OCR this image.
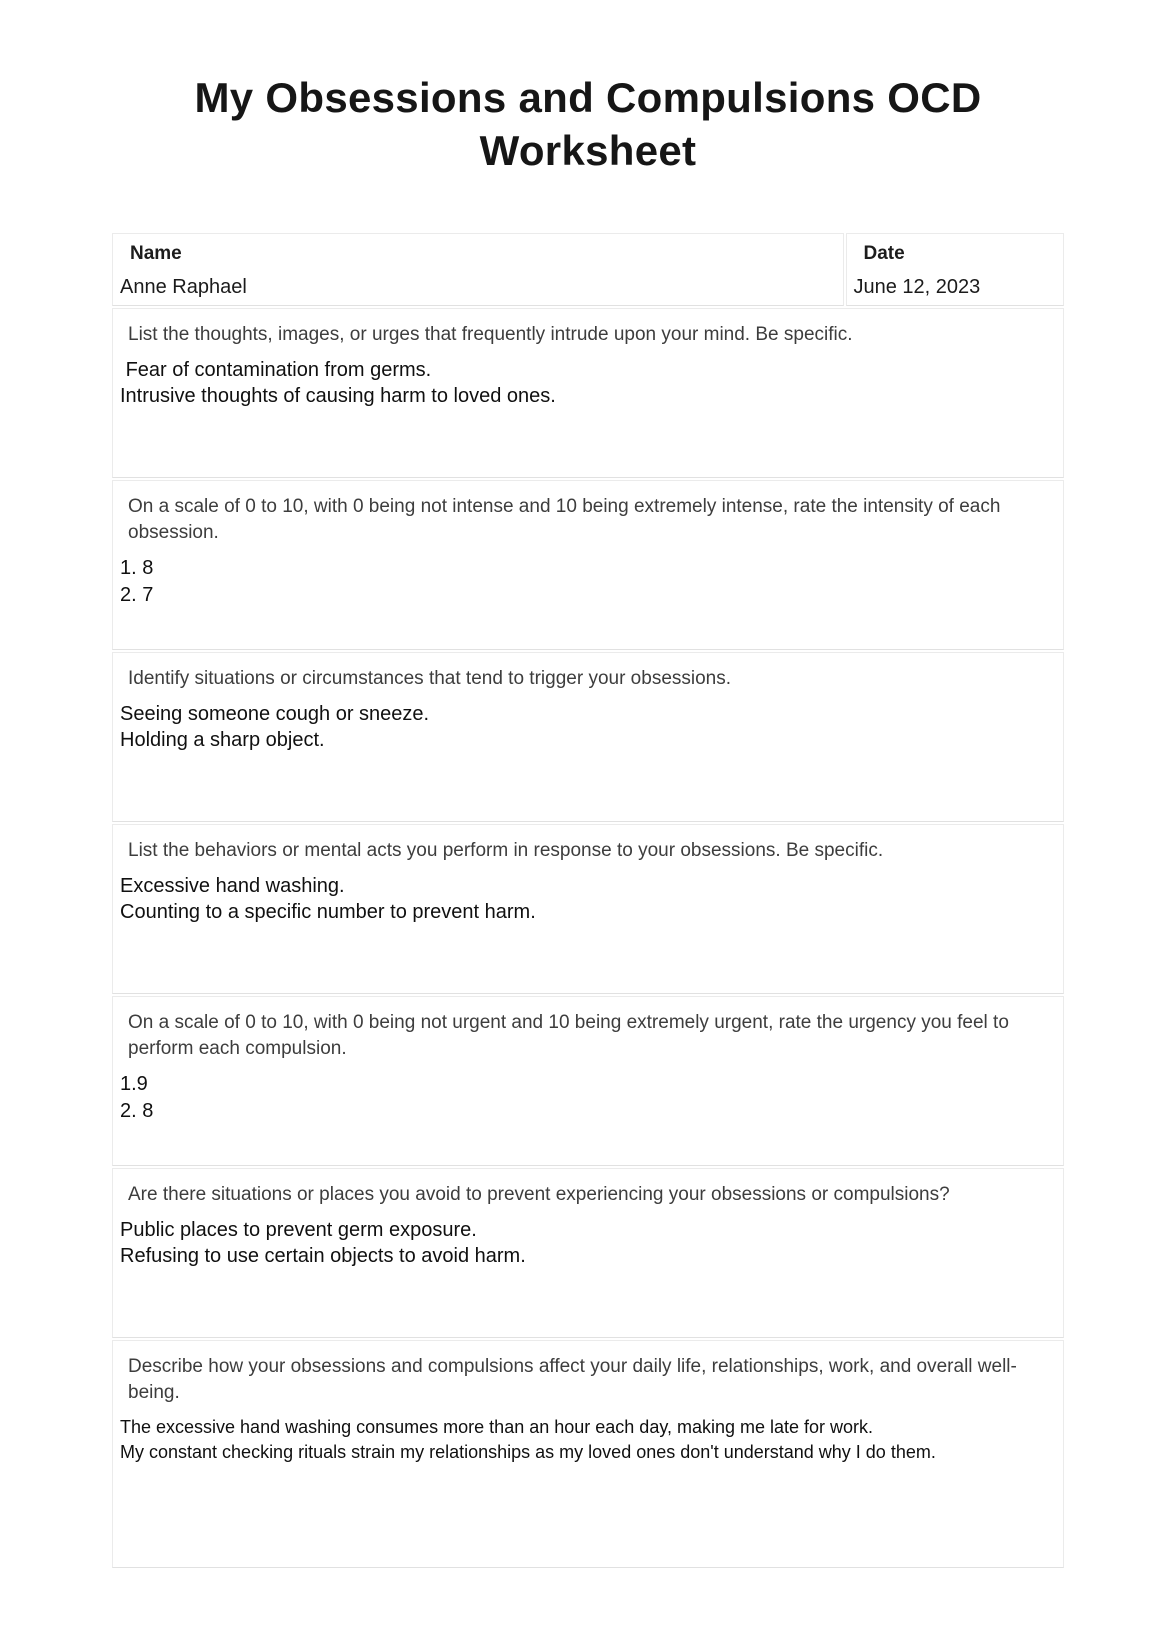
My Obsessions and Compulsions OCD Worksheet
Name
Anne Raphael

Date
June 12, 2023

List the thoughts, images, or urges that frequently intrude upon your mind. Be specific.
Fear of contamination from germs.
Intrusive thoughts of causing harm to loved ones.

On a scale of 0 to 10, with 0 being not intense and 10 being extremely intense, rate the intensity of each obsession.
1. 8
2. 7

Identify situations or circumstances that tend to trigger your obsessions.
Seeing someone cough or sneeze.
Holding a sharp object.

List the behaviors or mental acts you perform in response to your obsessions. Be specific.
Excessive hand washing.
Counting to a specific number to prevent harm.

On a scale of 0 to 10, with 0 being not urgent and 10 being extremely urgent, rate the urgency you feel to perform each compulsion.
1.9
2. 8

Are there situations or places you avoid to prevent experiencing your obsessions or compulsions?
Public places to prevent germ exposure.
Refusing to use certain objects to avoid harm.

Describe how your obsessions and compulsions affect your daily life, relationships, work, and overall well-being.
The excessive hand washing consumes more than an hour each day, making me late for work.
My constant checking rituals strain my relationships as my loved ones don't understand why I do them.
